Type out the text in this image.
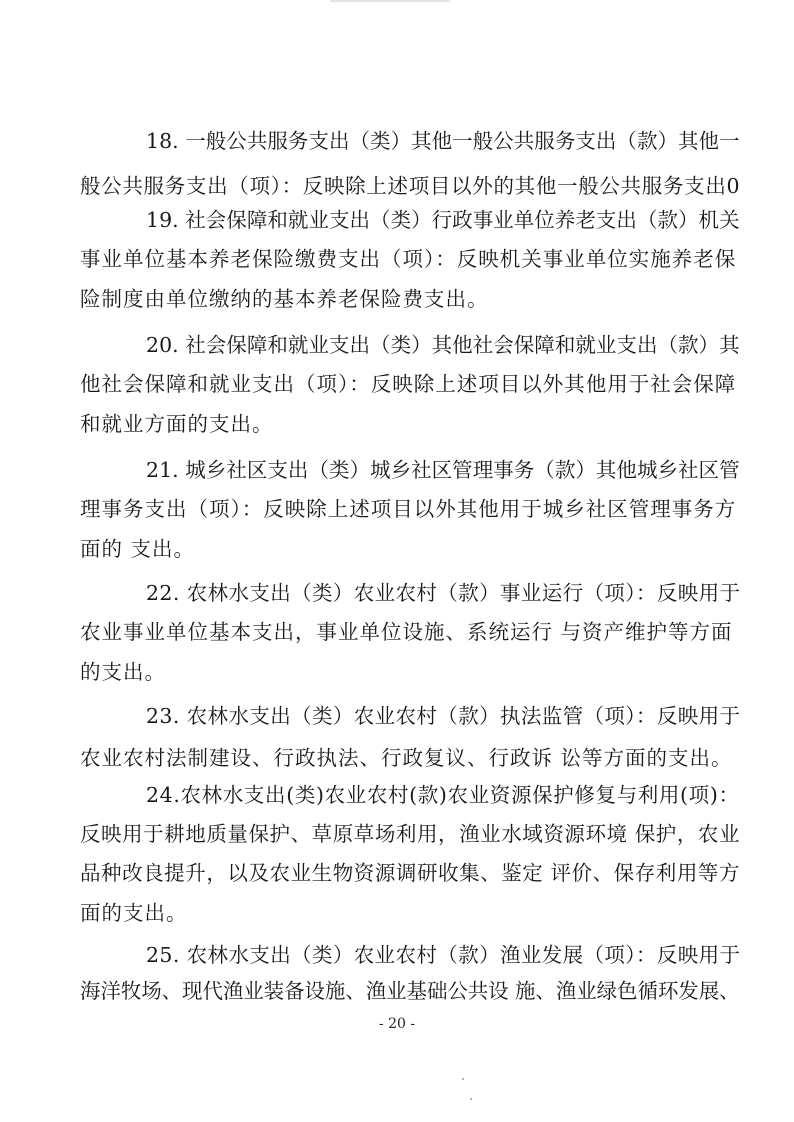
18. 一般公共服务支出（类）其他一般公共服务支出（款）其他一
般公共服务支出（项）：反映除上述项目以外的其他一般公共服务支出0
19. 社会保障和就业支出（类）行政事业单位养老支出（款）机关
事业单位基本养老保险缴费支出（项）：反映机关事业单位实施养老保
险制度由单位缴纳的基本养老保险费支出。
20. 社会保障和就业支出（类）其他社会保障和就业支出（款）其
他社会保障和就业支出（项）：反映除上述项目以外其他用于社会保障
和就业方面的支出。
21. 城乡社区支出（类）城乡社区管理事务（款）其他城乡社区管
理事务支出（项）：反映除上述项目以外其他用于城乡社区管理事务方
面的 支出。
22. 农林水支出（类）农业农村（款）事业运行（项）：反映用于
农业事业单位基本支出，事业单位设施、系统运行 与资产维护等方面
的支出。
23. 农林水支出（类）农业农村（款）执法监管（项）：反映用于
农业农村法制建设、行政执法、行政复议、行政诉 讼等方面的支出。
24.农林水支出(类)农业农村(款)农业资源保护修复与利用(项)：
反映用于耕地质量保护、草原草场利用，渔业水域资源环境 保护，农业
品种改良提升，以及农业生物资源调研收集、鉴定 评价、保存利用等方
面的支出。
25. 农林水支出（类）农业农村（款）渔业发展（项）：反映用于
海洋牧场、现代渔业装备设施、渔业基础公共设 施、渔业绿色循环发展、
- 20 -
